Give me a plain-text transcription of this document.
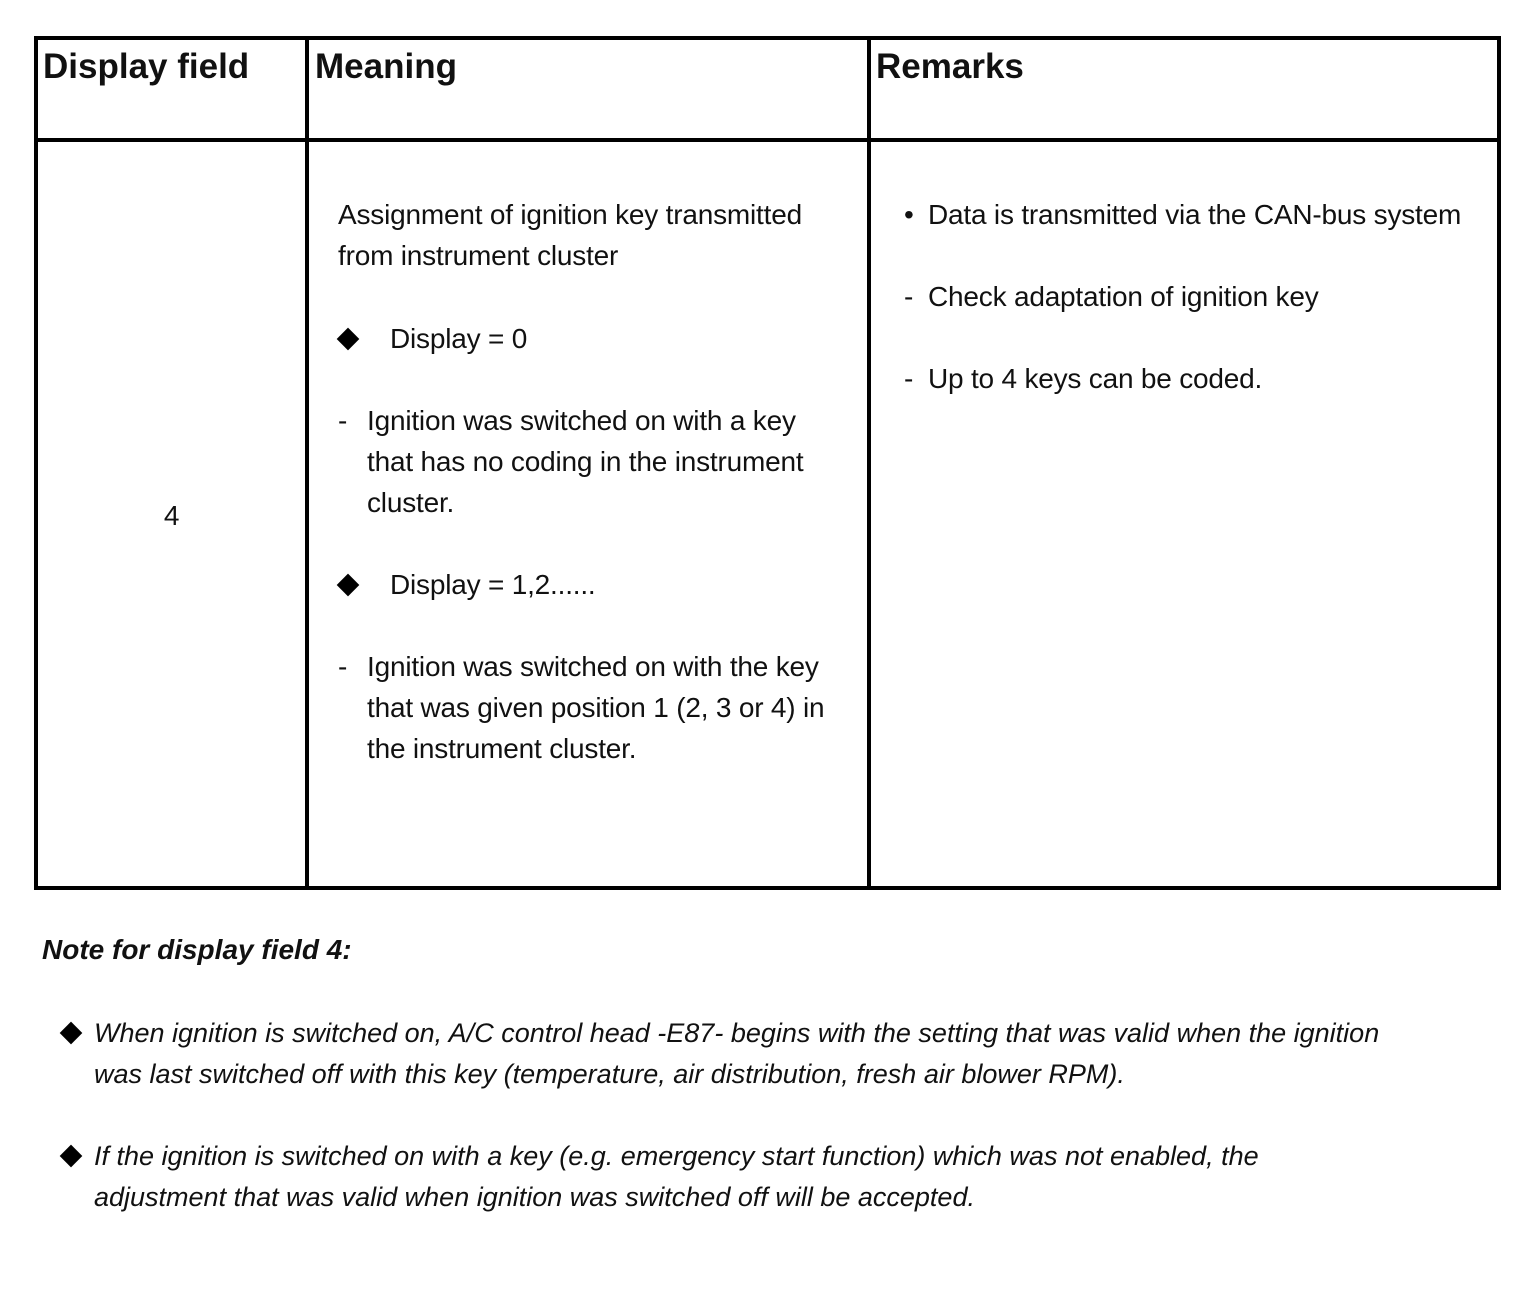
Display field Meaning	Remarks
4

Assignment of ignition key transmitted from instrument cluster

Display = 0
- Ignition was switched on with a key that has no coding in the instrument cluster.
Display = 1,2......
- Ignition was switched on with the key that was given position 1 (2, 3 or 4) in the instrument cluster.
• Data is transmitted via the CAN-bus system
- Check adaptation of ignition key
- Up to 4 keys can be coded.
Note for display field 4:
When ignition is switched on, A/C control head -E87- begins with the setting that was valid when the ignition was last switched off with this key (temperature, air distribution, fresh air blower RPM).
If the ignition is switched on with a key (e.g. emergency start function) which was not enabled, the adjustment that was valid when ignition was switched off will be accepted.
